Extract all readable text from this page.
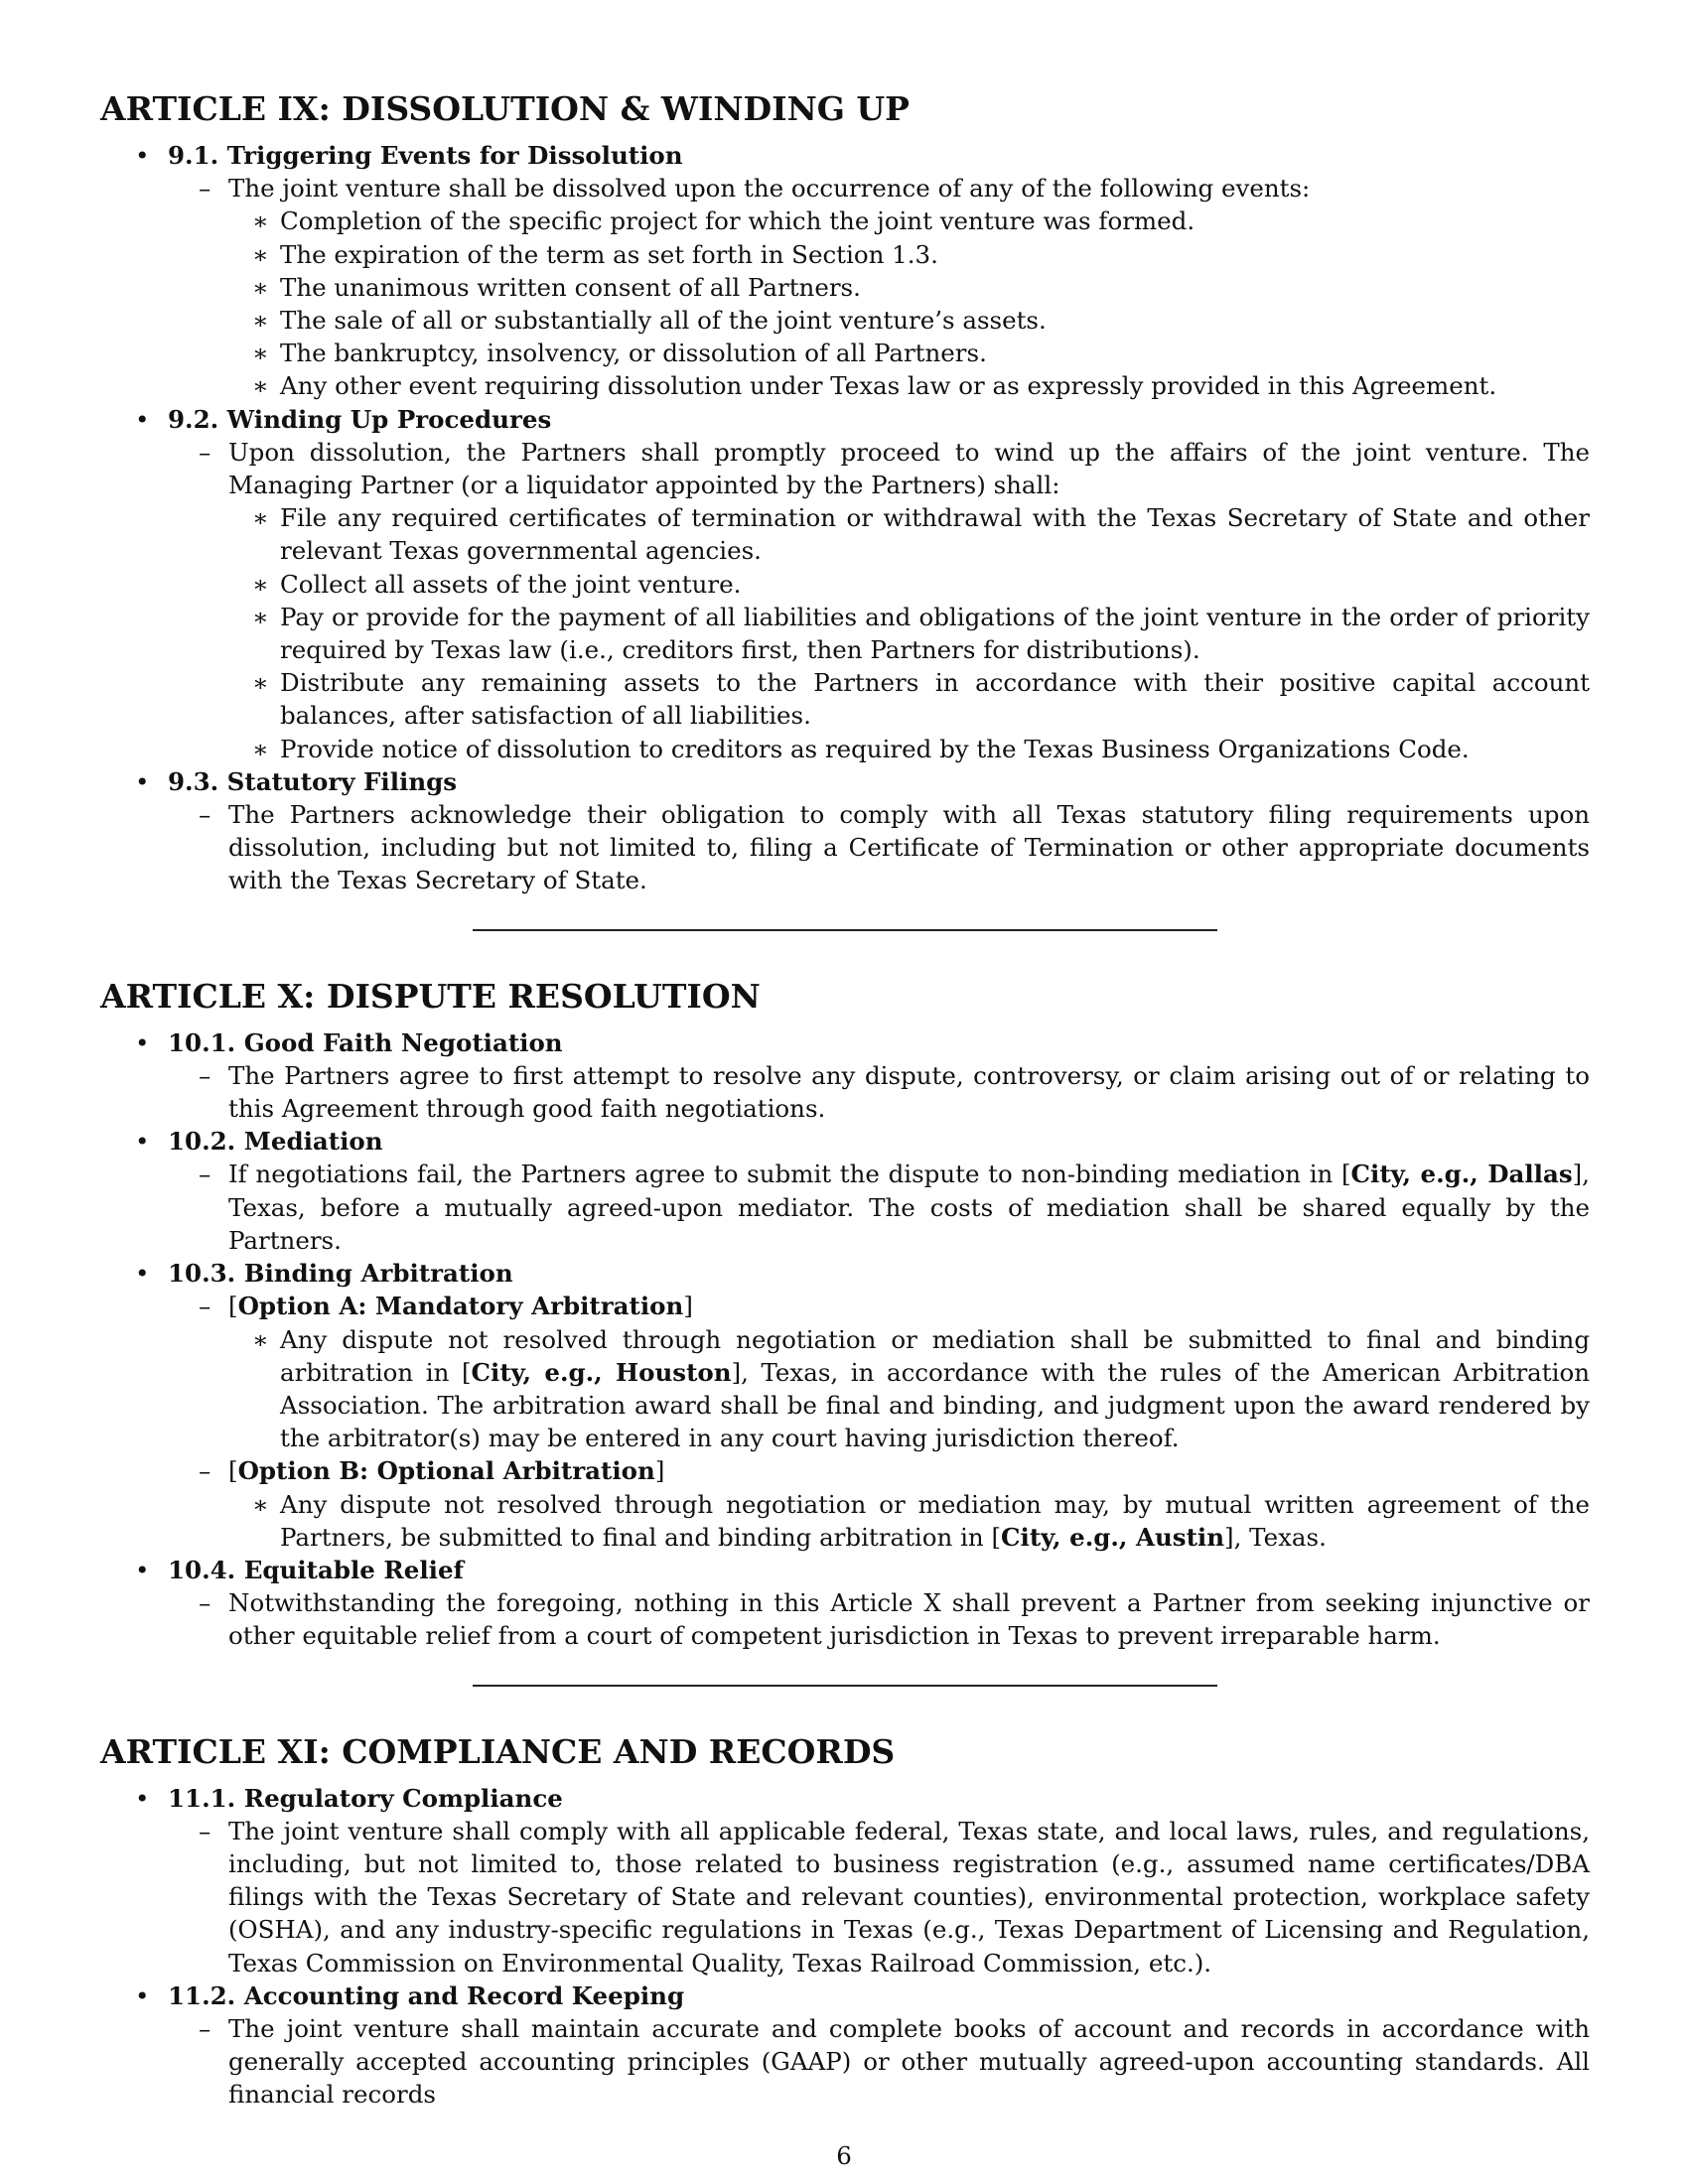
ARTICLE IX: DISSOLUTION & WINDING UP
• 9.1. Triggering Events for Dissolution
– The joint venture shall be dissolved upon the occurrence of any of the following events:
∗ Completion of the specific project for which the joint venture was formed.
∗ The expiration of the term as set forth in Section 1.3.
∗ The unanimous written consent of all Partners.
∗ The sale of all or substantially all of the joint venture’s assets.
∗ The bankruptcy, insolvency, or dissolution of all Partners.
∗ Any other event requiring dissolution under Texas law or as expressly provided in this Agreement.
• 9.2. Winding Up Procedures
– Upon dissolution, the Partners shall promptly proceed to wind up the affairs of the joint venture. The Managing Partner (or a liquidator appointed by the Partners) shall:
∗ File any required certificates of termination or withdrawal with the Texas Secretary of State and other relevant Texas governmental agencies.
∗ Collect all assets of the joint venture.
∗ Pay or provide for the payment of all liabilities and obligations of the joint venture in the order of priority required by Texas law (i.e., creditors first, then Partners for distributions).
∗ Distribute any remaining assets to the Partners in accordance with their positive capital account balances, after satisfaction of all liabilities.
∗ Provide notice of dissolution to creditors as required by the Texas Business Organizations Code.
• 9.3. Statutory Filings
– The Partners acknowledge their obligation to comply with all Texas statutory filing requirements upon dissolution, including but not limited to, filing a Certificate of Termination or other appropriate documents with the Texas Secretary of State.
ARTICLE X: DISPUTE RESOLUTION
• 10.1. Good Faith Negotiation
– The Partners agree to first attempt to resolve any dispute, controversy, or claim arising out of or relating to this Agreement through good faith negotiations.
• 10.2. Mediation
– If negotiations fail, the Partners agree to submit the dispute to non-binding mediation in [City, e.g., Dallas], Texas, before a mutually agreed-upon mediator. The costs of mediation shall be shared equally by the Partners.
• 10.3. Binding Arbitration
– [Option A: Mandatory Arbitration]
∗ Any dispute not resolved through negotiation or mediation shall be submitted to final and binding arbitration in [City, e.g., Houston], Texas, in accordance with the rules of the American Arbitration Association. The arbitration award shall be final and binding, and judgment upon the award rendered by the arbitrator(s) may be entered in any court having jurisdiction thereof.
– [Option B: Optional Arbitration]
∗ Any dispute not resolved through negotiation or mediation may, by mutual written agreement of the Partners, be submitted to final and binding arbitration in [City, e.g., Austin], Texas.
• 10.4. Equitable Relief
– Notwithstanding the foregoing, nothing in this Article X shall prevent a Partner from seeking injunctive or other equitable relief from a court of competent jurisdiction in Texas to prevent irreparable harm.
ARTICLE XI: COMPLIANCE AND RECORDS
• 11.1. Regulatory Compliance
– The joint venture shall comply with all applicable federal, Texas state, and local laws, rules, and regulations, including, but not limited to, those related to business registration (e.g., assumed name certificates/DBA filings with the Texas Secretary of State and relevant counties), environmental protection, workplace safety (OSHA), and any industry-specific regulations in Texas (e.g., Texas Department of Licensing and Regulation, Texas Commission on Environmental Quality, Texas Railroad Commission, etc.).
• 11.2. Accounting and Record Keeping
– The joint venture shall maintain accurate and complete books of account and records in accordance with generally accepted accounting principles (GAAP) or other mutually agreed-upon accounting standards. All financial records
6
